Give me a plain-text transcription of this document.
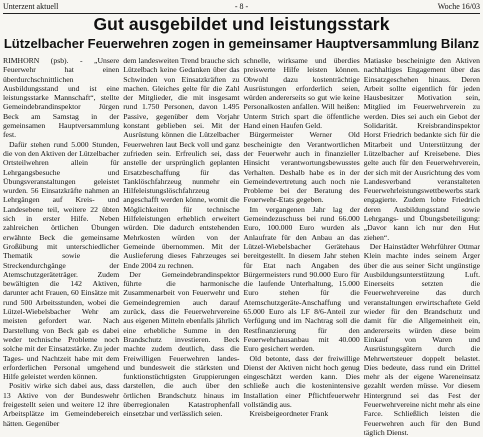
Unterzent aktuell	- 8 -	Woche 16/03
Gut ausgebildet und leistungsstark
Lützelbacher Feuerwehren zogen in gemeinsamer Hauptversammlung Bilanz

RIMHORN (psb). - „Unsere Feuerwehr hat einen überdurchschnittlichen Ausbildungsstand und ist eine leistungsstarke Mannschaft“, stellte Gemeindebrandinspektor Jürgen Beck am Samstag in der gemeinsamen Hauptversammlung fest.

Dafür stehen rund 5.000 Stunden, die von den Aktiven der Lützelbacher Ortsteilwehren allein für Lehrgangsbesuche und Übungsveranstaltungen geleistet wurden. 56 Einsatzkräfte nahmen an Lehrgängen auf Kreis- und Landesebene teil, weitere 22 übten sich in erster Hilfe. Neben zahlreichen örtlichen Übungen erwähnte Beck die gemeinsame Großübung mit unterschiedlicher Thematik sowie die Streckendurchgänge der Atemschutzgeräteträger. Zudem bewältigten die 142 Aktiven, darunter acht Frauen, 60 Einsätze mit rund 500 Arbeitsstunden, wobei die Lützel-Wiebelsbacher Wehr am meisten gefordert war. Nach Darstellung von Beck gab es dabei weder technische Probleme noch solche mit der Einsatzstärke. Zu jeder Tages- und Nachtzeit habe mit dem erforderlichen Personal umgehend Hilfe geleistet werden können.

Positiv wirke sich dabei aus, dass 13 Aktive von der Bundeswehr freigestellt seien und weitere 12 ihre Arbeitsplätze im Gemeindebereich hätten. Gegenüber

dem landesweiten Trend brauche sich Lützelbach keine Gedanken über das Schwinden von Einsatzkräften zu machen. Gleiches gelte für die Zahl der Mitglieder, die mit insgesamt rund 1.750 Personen, davon 1.495 Passive, gegenüber dem Vorjahr konstant geblieben sei. Mit der Ausrüstung können die Lützelbacher Feuerwehren laut Beck voll und ganz zufrieden sein. Erfreulich sei, dass anstelle der ursprünglich geplanten Ersatzbeschaffung für das Tanklöschfahrzeug nunmehr ein Hilfeleistungslöschfahrzeug angeschafft werden könne, womit die Möglichkeiten für technische Hilfeleistungen erheblich erweitert würden. Die dadurch entstehenden Mehrkosten würden von der Gemeinde übernommen. Mit der Auslieferung dieses Fahrzeuges sei Ende 2004 zu rechnen.

Der Gemeindebrandinspektor führte die harmonische Zusammenarbeit von Feuerwehr und Gemeindegremien auch darauf zurück, dass die Feuerwehrvereine aus eigenen Mitteln ebenfalls jährlich eine erhebliche Summe in den Brandschutz investieren. Beck machte zudem deutlich, dass die Freiwilligen Feuerwehren landes- und bundesweit die stärksten und funktionstüchtigsten Gruppierungen darstellen, die auch über den örtlichen Brandschutz hinaus im überregionalen Katastrophenfall einsetzbar und verlässlich seien.

schnelle, wirksame und überdies preiswerte Hilfe leisten können. Obwohl dazu kostenträchtige Ausrüstungen erforderlich seien, würden andererseits so gut wie keine Personalkosten anfallen. Will heißen: Unterm Strich spart die öffentliche Hand einen Haufen Geld.

Bürgermeister Werner Old bescheinigte den Verantwortlichen der Feuerwehr auch in finanzieller Hinsicht verantwortungsbewusstes Verhalten. Deshalb habe es in der Gemeindevertretung auch noch nie Probleme bei der Beratung des Feuerwehr-Etats gegeben.

Im vergangenen Jahr lag der Gemeindezuschuss bei rund 66.000 Euro, 100.000 Euro wurden als Anlaufrate für den Anbau an das Lützel-Wiebelsbacher Gerätehaus bereitgestellt. In diesem Jahr stehen für Etat nach Angaben des Bürgermeisters rund 90.000 Euro für die laufende Unterhaltung, 15.000 Euro stehen für die Atemschutzgeräte-Anschaffung und 65.000 Euro als LF 8/6-Anteil zur Verfügung und im Nachtrag soll die Restfinanzierung für den Feuerwehrhausanbau mit 40.000 Euro gesichert werden.

Old betonte, dass der freiwillige Dienst der Aktiven nicht hoch genug eingeschätzt werden kann. Dies schließe auch die kostenintensive Installation einer Pflichtfeuerwehr vollständig aus.

Kreisbeigeordneter Frank

Matiaske bescheinigte den Aktiven nachhaltiges Engagement über das Einsatzgeschehen hinaus. Deren Arbeit sollte eigentlich für jeden Hausbesitzer Motivation sein, Mitglied im Feuerwehrverein zu werden. Dies sei auch ein Gebot der Solidarität. Kreisbrandinspektor Horst Friedrich bedankte sich für die Mitarbeit und Unterstützung der Lützelbacher auf Kreisebene. Dies gelte auch für den Feuerwehrverein, der sich mit der Ausrichtung des vom Landesverband veranstalteten Feuerwehrleistungswettbewerbs stark engagierte. Zudem lobte Friedrich deren Ausbildungsstand sowie Lehrgangs- und Übungsbeteiligung: „Davor kann ich nur den Hut ziehen“.

Der Hainstädter Wehrführer Ottmar Klein machte indes seinem Ärger über die aus seiner Sicht ungünstige Ausbildungsunterstützung Luft. Einerseits setzten die Feuerwehrvereine das durch veranstaltungen erwirtschaftete Geld wieder für den Brandschutz und damit für die Allgemeinheit ein, andererseits würden diese beim Einkauf von Waren und Ausrüstungsgütern durch die Mehrwertsteuer doppelt belastet. Dies bedeute, dass rund ein Drittel mehr als der eigene Wareneinsatz gezahlt werden müsse. Vor diesem Hintergrund sei das Fest der Feuerwehrvereine nicht mehr als eine Farce. Schließlich leisten die Feuerwehren auch für den Bund täglich Dienst.
